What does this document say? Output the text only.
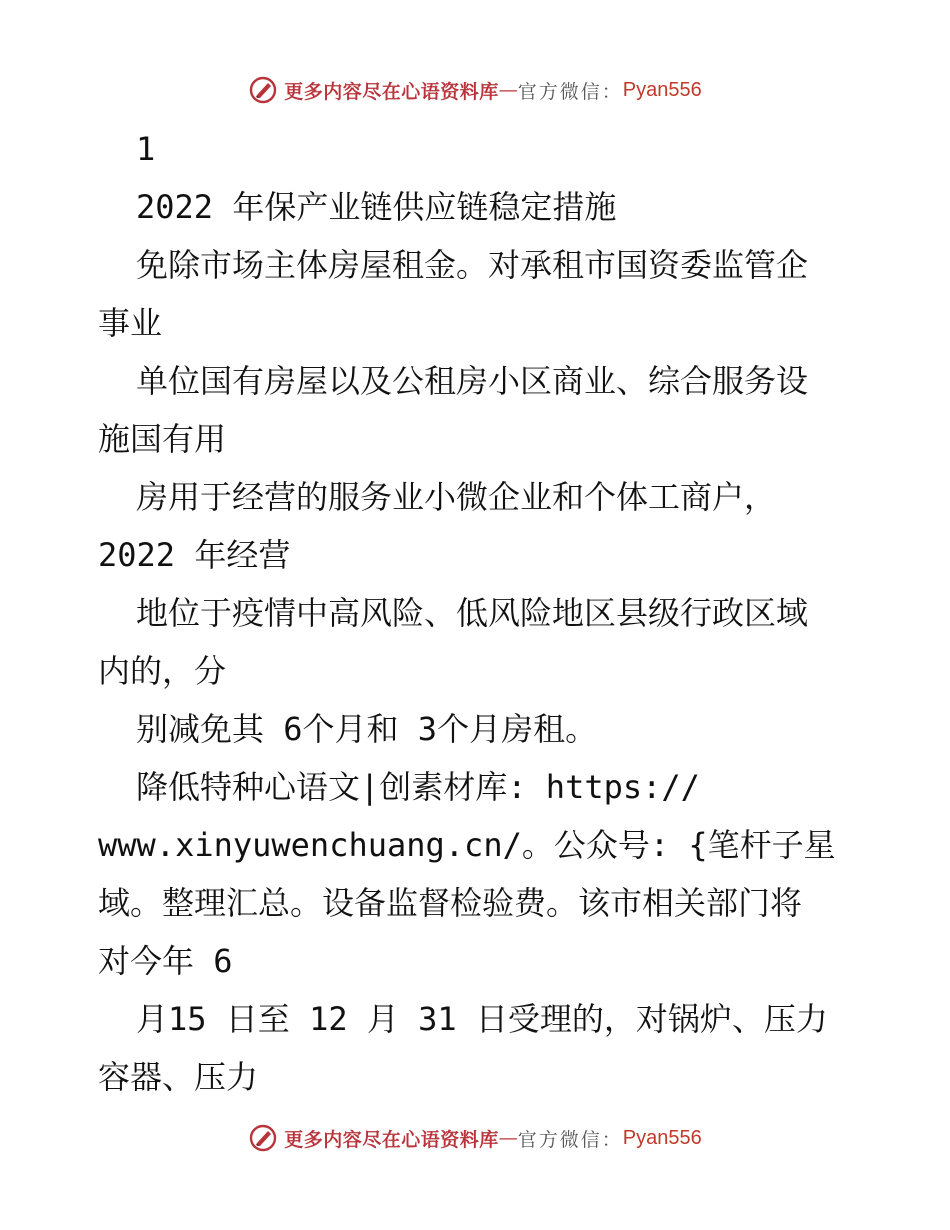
更多内容尽在心语资料库 — 官方微信： Pyan556
1
2022 年保产业链供应链稳定措施
免除市场主体房屋租金。对承租市国资委监管企
事业
单位国有房屋以及公租房小区商业、综合服务设
施国有用
房用于经营的服务业小微企业和个体工商户，
2022 年经营
地位于疫情中高风险、低风险地区县级行政区域
内的，分
别减免其 6个月和 3个月房租。
降低特种心语文|创素材库: https://
www.xinyuwenchuang.cn/。公众号: {笔杆子星
域。整理汇总。设备监督检验费。该市相关部门将
对今年 6
月15 日至 12 月 31 日受理的，对锅炉、压力
容器、压力
更多内容尽在心语资料库 — 官方微信： Pyan556
